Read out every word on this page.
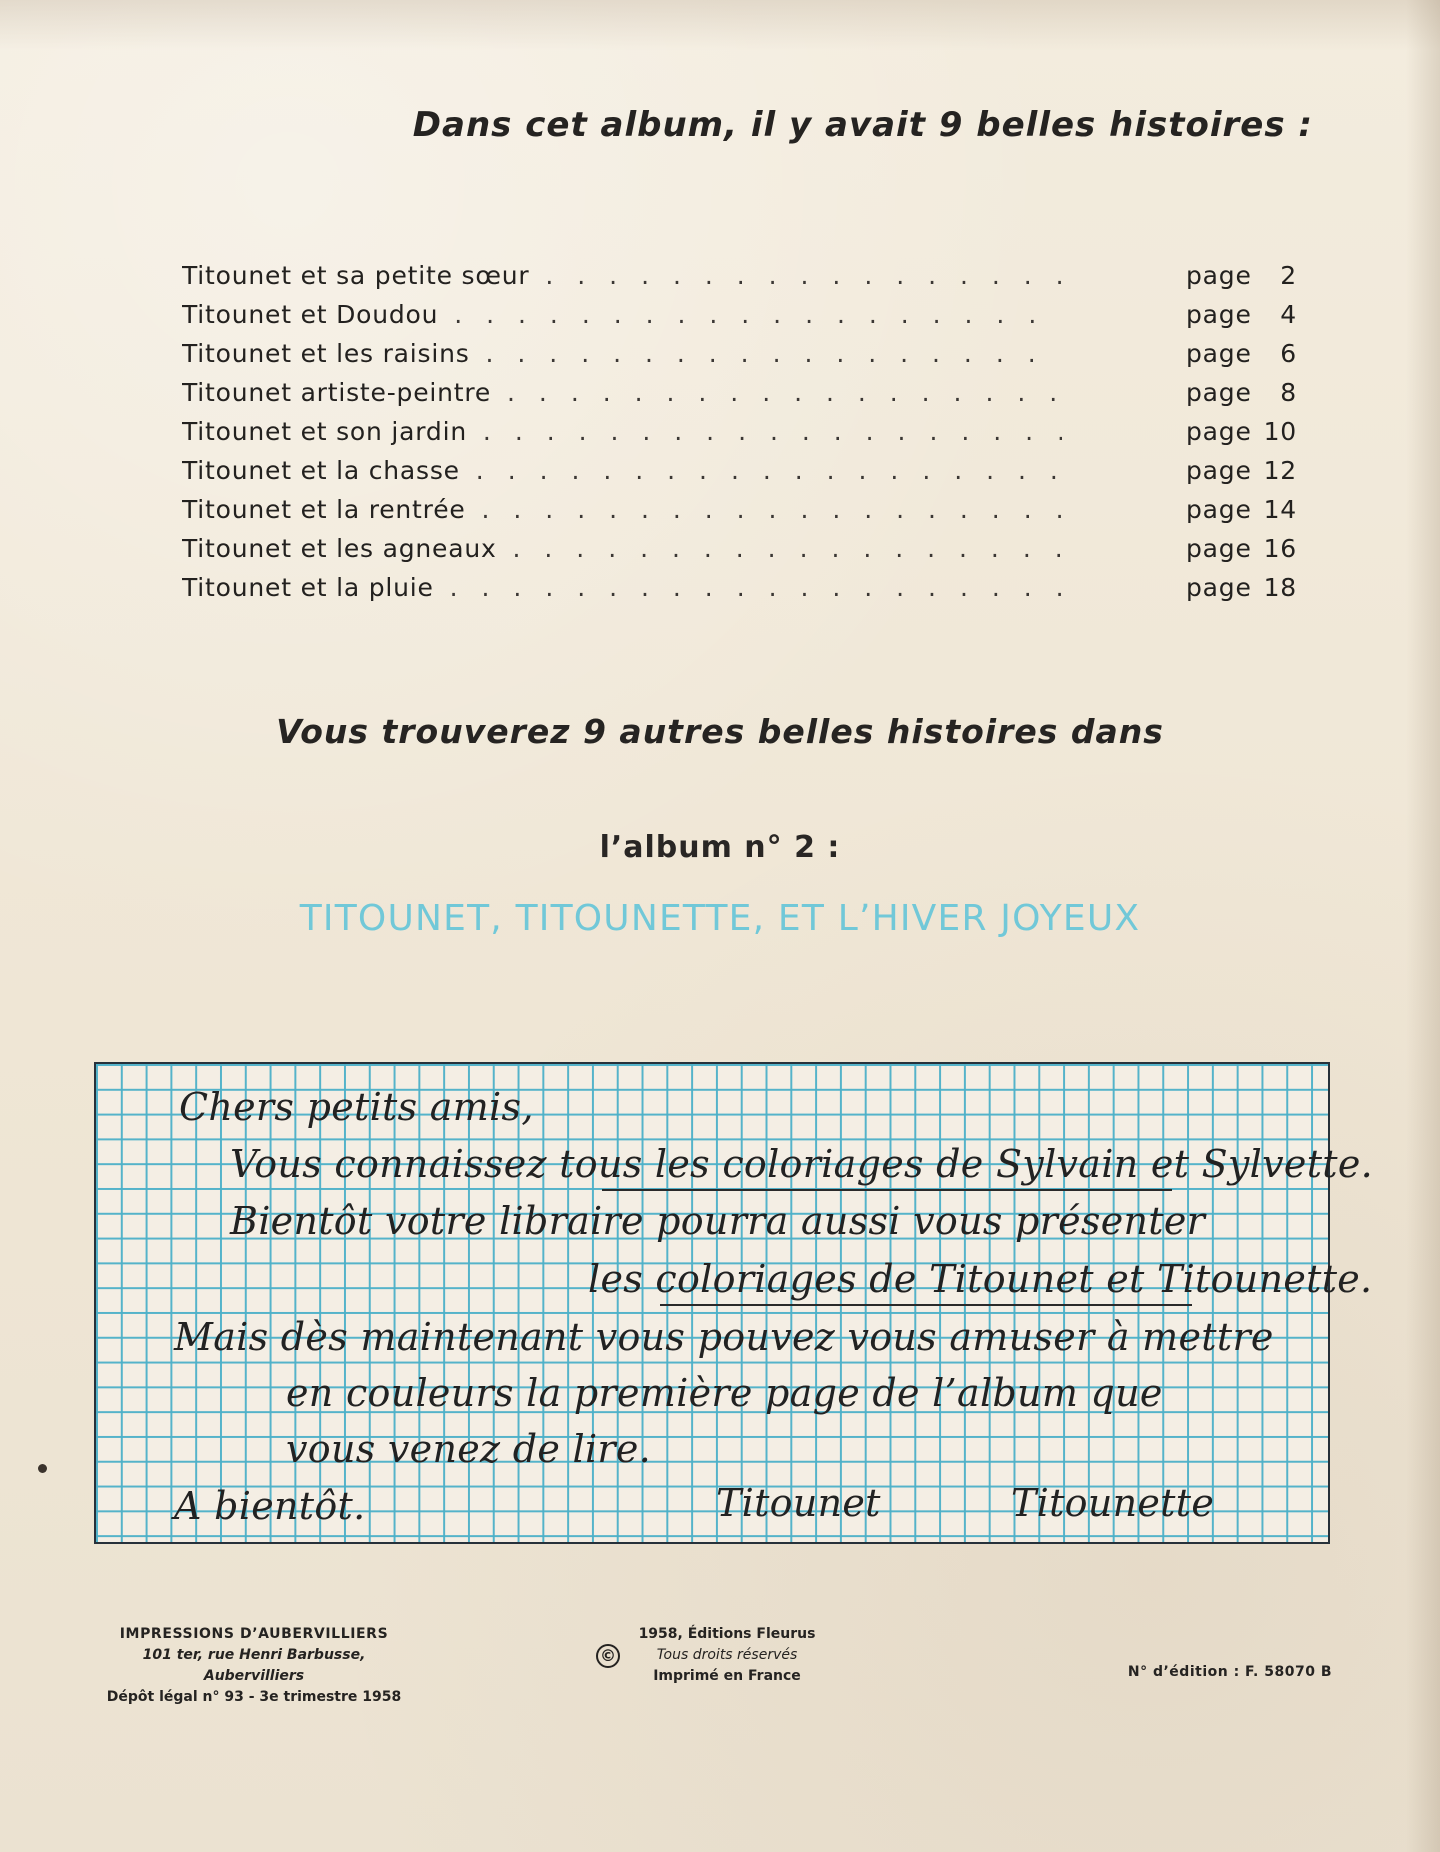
Dans cet album, il y avait 9 belles histoires :
Titounet et sa petite sœur . . .	page	2
Titounet et Doudou . . .	page	4
Titounet et les raisins . . .	page	6
Titounet artiste-peintre . . .	page	8
Titounet et son jardin . . .	page 10
Titounet et la chasse . . .	page 12
Titounet et la rentrée . . .	page 14
Titounet et les agneaux . . .	page 16
Titounet et la pluie . . .	page 18
Vous trouverez 9 autres belles histoires dans
l’album n° 2 :
TITOUNET, TITOUNETTE, ET L’HIVER JOYEUX
Chers petits amis,
Vous connaissez tous les coloriages de Sylvain et Sylvette.
Bientôt votre libraire pourra aussi vous présenter
les coloriages de Titounet et Titounette.
Mais dès maintenant vous pouvez vous amuser à mettre
en couleurs la première page de l’album que
vous venez de lire.
A bientôt.	Titounet	Titounette
IMPRESSIONS D’AUBERVILLIERS
101 ter, rue Henri Barbusse, Aubervilliers
Dépôt légal n° 93 - 3e trimestre 1958
©
1958, Éditions Fleurus
Tous droits réservés
Imprimé en France	N° d’édition : F. 58070 B
